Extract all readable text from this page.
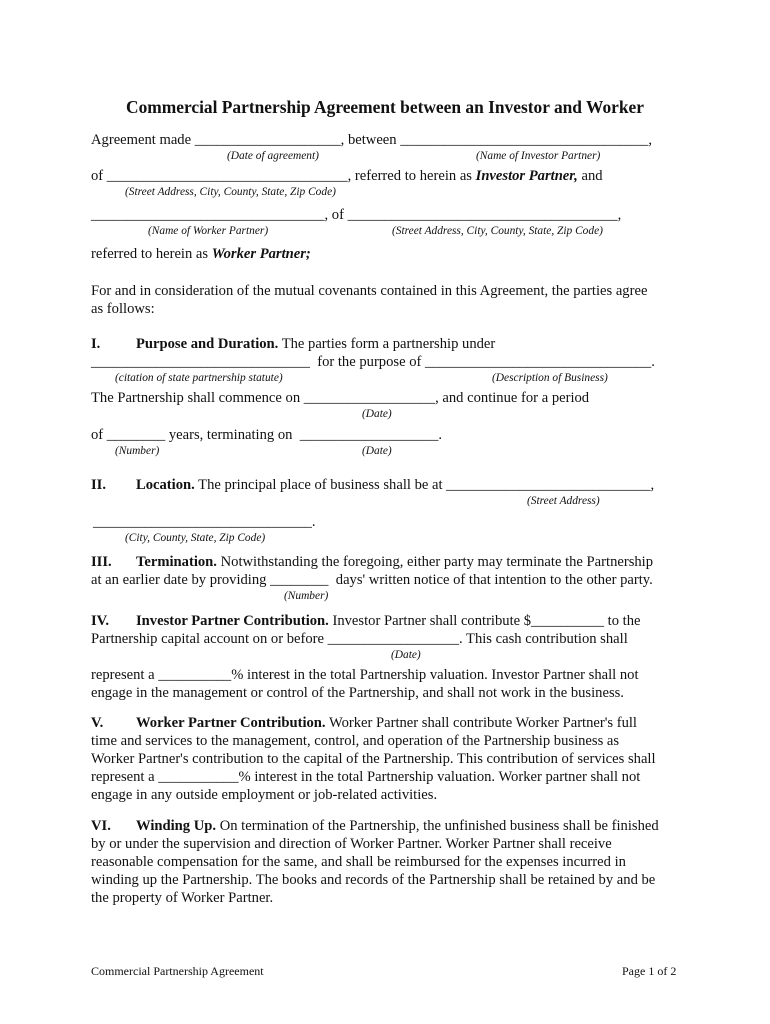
Commercial Partnership Agreement between an Investor and Worker
Agreement made ____________________, between __________________________________,
(Date of agreement)	(Name of Investor Partner)
of _________________________________, referred to herein as Investor Partner, and
(Street Address, City, County, State, Zip Code)
________________________________, of _____________________________________,
(Name of Worker Partner)	(Street Address, City, County, State, Zip Code)
referred to herein as Worker Partner;
For and in consideration of the mutual covenants contained in this Agreement, the parties agree
as follows:
I. Purpose and Duration. The parties form a partnership under
______________________________  for the purpose of _______________________________.
(citation of state partnership statute)	(Description of Business)
The Partnership shall commence on __________________, and continue for a period
(Date)
of ________ years, terminating on  ___________________.
(Number)	(Date)
II. Location. The principal place of business shall be at ____________________________,
(Street Address)
______________________________.
(City, County, State, Zip Code)
III. Termination. Notwithstanding the foregoing, either party may terminate the Partnership
at an earlier date by providing ________  days' written notice of that intention to the other party.
(Number)
IV. Investor Partner Contribution. Investor Partner shall contribute $__________ to the
Partnership capital account on or before __________________. This cash contribution shall
(Date)
represent a __________% interest in the total Partnership valuation. Investor Partner shall not
engage in the management or control of the Partnership, and shall not work in the business.
V. Worker Partner Contribution. Worker Partner shall contribute Worker Partner's full
time and services to the management, control, and operation of the Partnership business as
Worker Partner's contribution to the capital of the Partnership. This contribution of services shall
represent a ___________% interest in the total Partnership valuation. Worker partner shall not
engage in any outside employment or job-related activities.
VI. Winding Up. On termination of the Partnership, the unfinished business shall be finished
by or under the supervision and direction of Worker Partner. Worker Partner shall receive
reasonable compensation for the same, and shall be reimbursed for the expenses incurred in
winding up the Partnership. The books and records of the Partnership shall be retained by and be
the property of Worker Partner.
Commercial Partnership Agreement	Page 1 of 2
